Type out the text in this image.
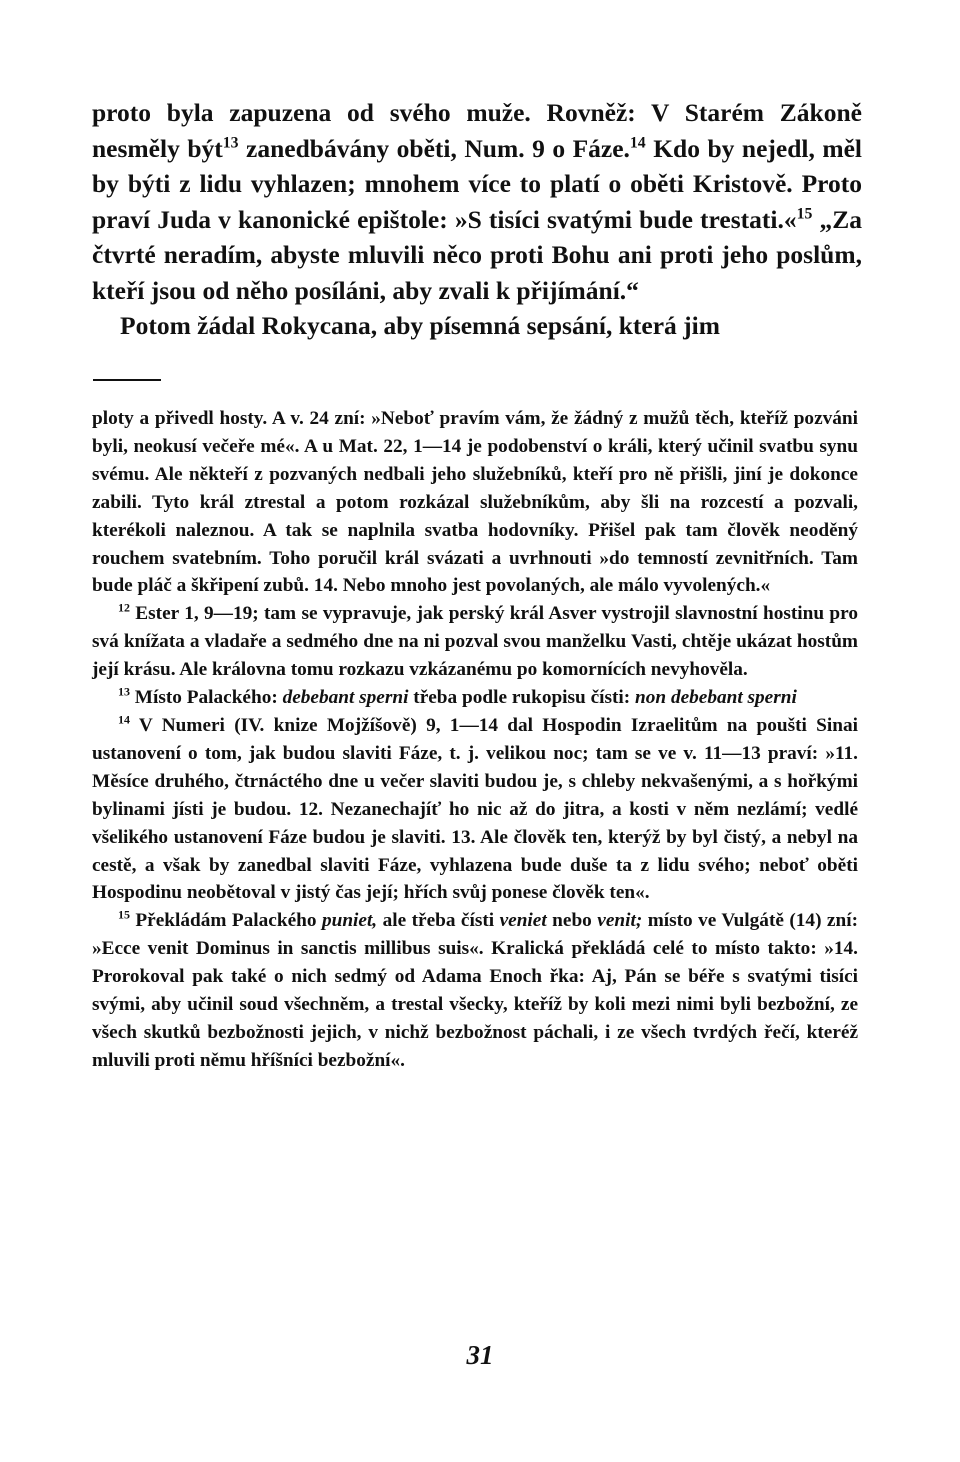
proto byla zapuzena od svého muže. Rovněž: V Starém Zákoně nesměly být$^{13}$ zanedbávány oběti, Num. 9 o Fáze.$^{14}$ Kdo by nejedl, měl by býti z lidu vyhlazen; mnohem více to platí o oběti Kristově. Proto praví Juda v kanonické epištole: »S tisíci svatými bude trestati.«$^{15}$ „Za čtvrté neradím, abyste mluvili něco proti Bohu ani proti jeho poslům, kteří jsou od něho posíláni, aby zvali k přijímání.“

Potom žádal Rokycana, aby písemná sepsání, která jim

ploty a přivedl hosty. A v. 24 zní: »Neboť pravím vám, že žádný z mužů těch, kteříž pozváni byli, neokusí večeře mé«. A u Mat. 22, 1—14 je podobenství o králi, který učinil svatbu synu svému. Ale někteří z pozvaných nedbali jeho služebníků, kteří pro ně přišli, jiní je dokonce zabili. Tyto král ztrestal a potom rozkázal služebníkům, aby šli na rozcestí a pozvali, kterékoli naleznou. A tak se naplnila svatba hodovníky. Přišel pak tam člověk neoděný rouchem svatebním. Toho poručil král svázati a uvrhnouti »do temností zevnitřních. Tam bude pláč a škřipení zubů. 14. Nebo mnoho jest povolaných, ale málo vyvolených.«

$^{12}$ Ester 1, 9—19; tam se vypravuje, jak perský král Asver vystrojil slavnostní hostinu pro svá knížata a vladaře a sedmého dne na ni pozval svou manželku Vasti, chtěje ukázat hostům její krásu. Ale královna tomu rozkazu vzkázanému po komornících nevyhověla.

$^{13}$ Místo Palackého: debebant sperni třeba podle rukopisu čísti: non debebant sperni

$^{14}$ V Numeri (IV. knize Mojžíšově) 9, 1—14 dal Hospodin Izraelitům na poušti Sinai ustanovení o tom, jak budou slaviti Fáze, t. j. velikou noc; tam se ve v. 11—13 praví: »11. Měsíce druhého, čtrnáctého dne u večer slaviti budou je, s chleby nekvašenými, a s hořkými bylinami jísti je budou. 12. Nezanechajíť ho nic až do jitra, a kosti v něm nezlámí; vedlé všelikého ustanovení Fáze budou je slaviti. 13. Ale člověk ten, kterýž by byl čistý, a nebyl na cestě, a však by zanedbal slaviti Fáze, vyhlazena bude duše ta z lidu svého; neboť oběti Hospodinu neobětoval v jistý čas její; hřích svůj ponese člověk ten«.

$^{15}$ Překládám Palackého puniet, ale třeba čísti veniet nebo venit; místo ve Vulgátě (14) zní: »Ecce venit Dominus in sanctis millibus suis«. Kralická překládá celé to místo takto: »14. Prorokoval pak také o nich sedmý od Adama Enoch řka: Aj, Pán se béře s svatými tisíci svými, aby učinil soud všechněm, a trestal všecky, kteříž by koli mezi nimi byli bezbožní, ze všech skutků bezbožnosti jejich, v nichž bezbožnost páchali, i ze všech tvrdých řečí, kteréž mluvili proti němu hříšníci bezbožní«.

31
